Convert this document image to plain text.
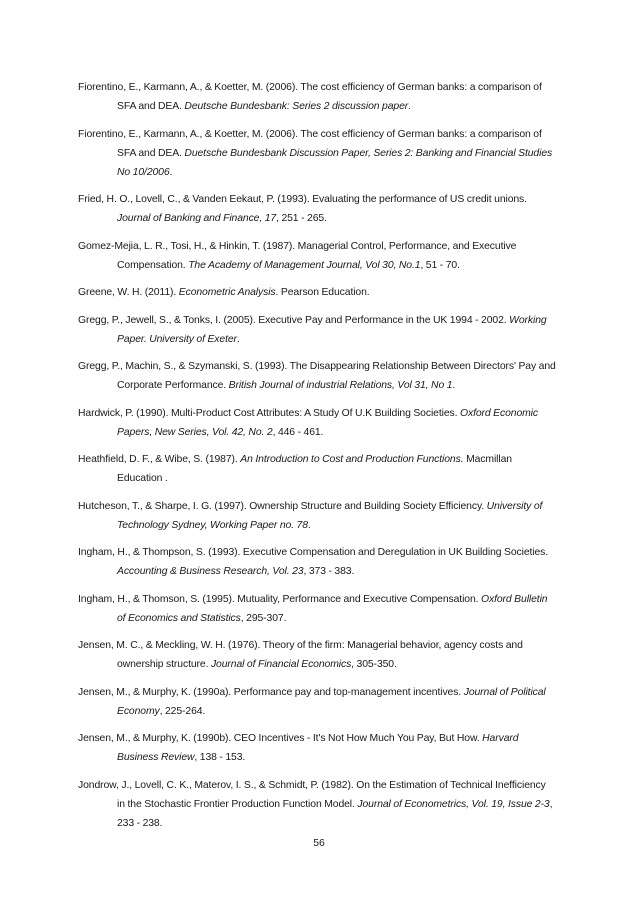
Fiorentino, E., Karmann, A., & Koetter, M. (2006). The cost efficiency of German banks: a comparison of SFA and DEA. Deutsche Bundesbank: Series 2 discussion paper.

Fiorentino, E., Karmann, A., & Koetter, M. (2006). The cost efficiency of German banks: a comparison of SFA and DEA. Duetsche Bundesbank Discussion Paper, Series 2: Banking and Financial Studies No 10/2006.

Fried, H. O., Lovell, C., & Vanden Eekaut, P. (1993). Evaluating the performance of US credit unions. Journal of Banking and Finance, 17, 251 - 265.

Gomez-Mejia, L. R., Tosi, H., & Hinkin, T. (1987). Managerial Control, Performance, and Executive Compensation. The Academy of Management Journal, Vol 30, No.1, 51 - 70.

Greene, W. H. (2011). Econometric Analysis. Pearson Education.

Gregg, P., Jewell, S., & Tonks, I. (2005). Executive Pay and Performance in the UK 1994 - 2002. Working Paper. University of Exeter.

Gregg, P., Machin, S., & Szymanski, S. (1993). The Disappearing Relationship Between Directors' Pay and Corporate Performance. British Journal of industrial Relations, Vol 31, No 1.

Hardwick, P. (1990). Multi-Product Cost Attributes: A Study Of U.K Building Societies. Oxford Economic Papers, New Series, Vol. 42, No. 2, 446 - 461.

Heathfield, D. F., & Wibe, S. (1987). An Introduction to Cost and Production Functions. Macmillan Education .

Hutcheson, T., & Sharpe, I. G. (1997). Ownership Structure and Building Society Efficiency. University of Technology Sydney, Working Paper no. 78.

Ingham, H., & Thompson, S. (1993). Executive Compensation and Deregulation in UK Building Societies. Accounting & Business Research, Vol. 23, 373 - 383.

Ingham, H., & Thomson, S. (1995). Mutuality, Performance and Executive Compensation. Oxford Bulletin of Economics and Statistics, 295-307.

Jensen, M. C., & Meckling, W. H. (1976). Theory of the firm: Managerial behavior, agency costs and ownership structure. Journal of Financial Economics, 305-350.

Jensen, M., & Murphy, K. (1990a). Performance pay and top-management incentives. Journal of Political Economy, 225-264.

Jensen, M., & Murphy, K. (1990b). CEO Incentives - It's Not How Much You Pay, But How. Harvard Business Review, 138 - 153.

Jondrow, J., Lovell, C. K., Materov, I. S., & Schmidt, P. (1982). On the Estimation of Technical Inefficiency in the Stochastic Frontier Production Function Model. Journal of Econometrics, Vol. 19, Issue 2-3, 233 - 238.

56
